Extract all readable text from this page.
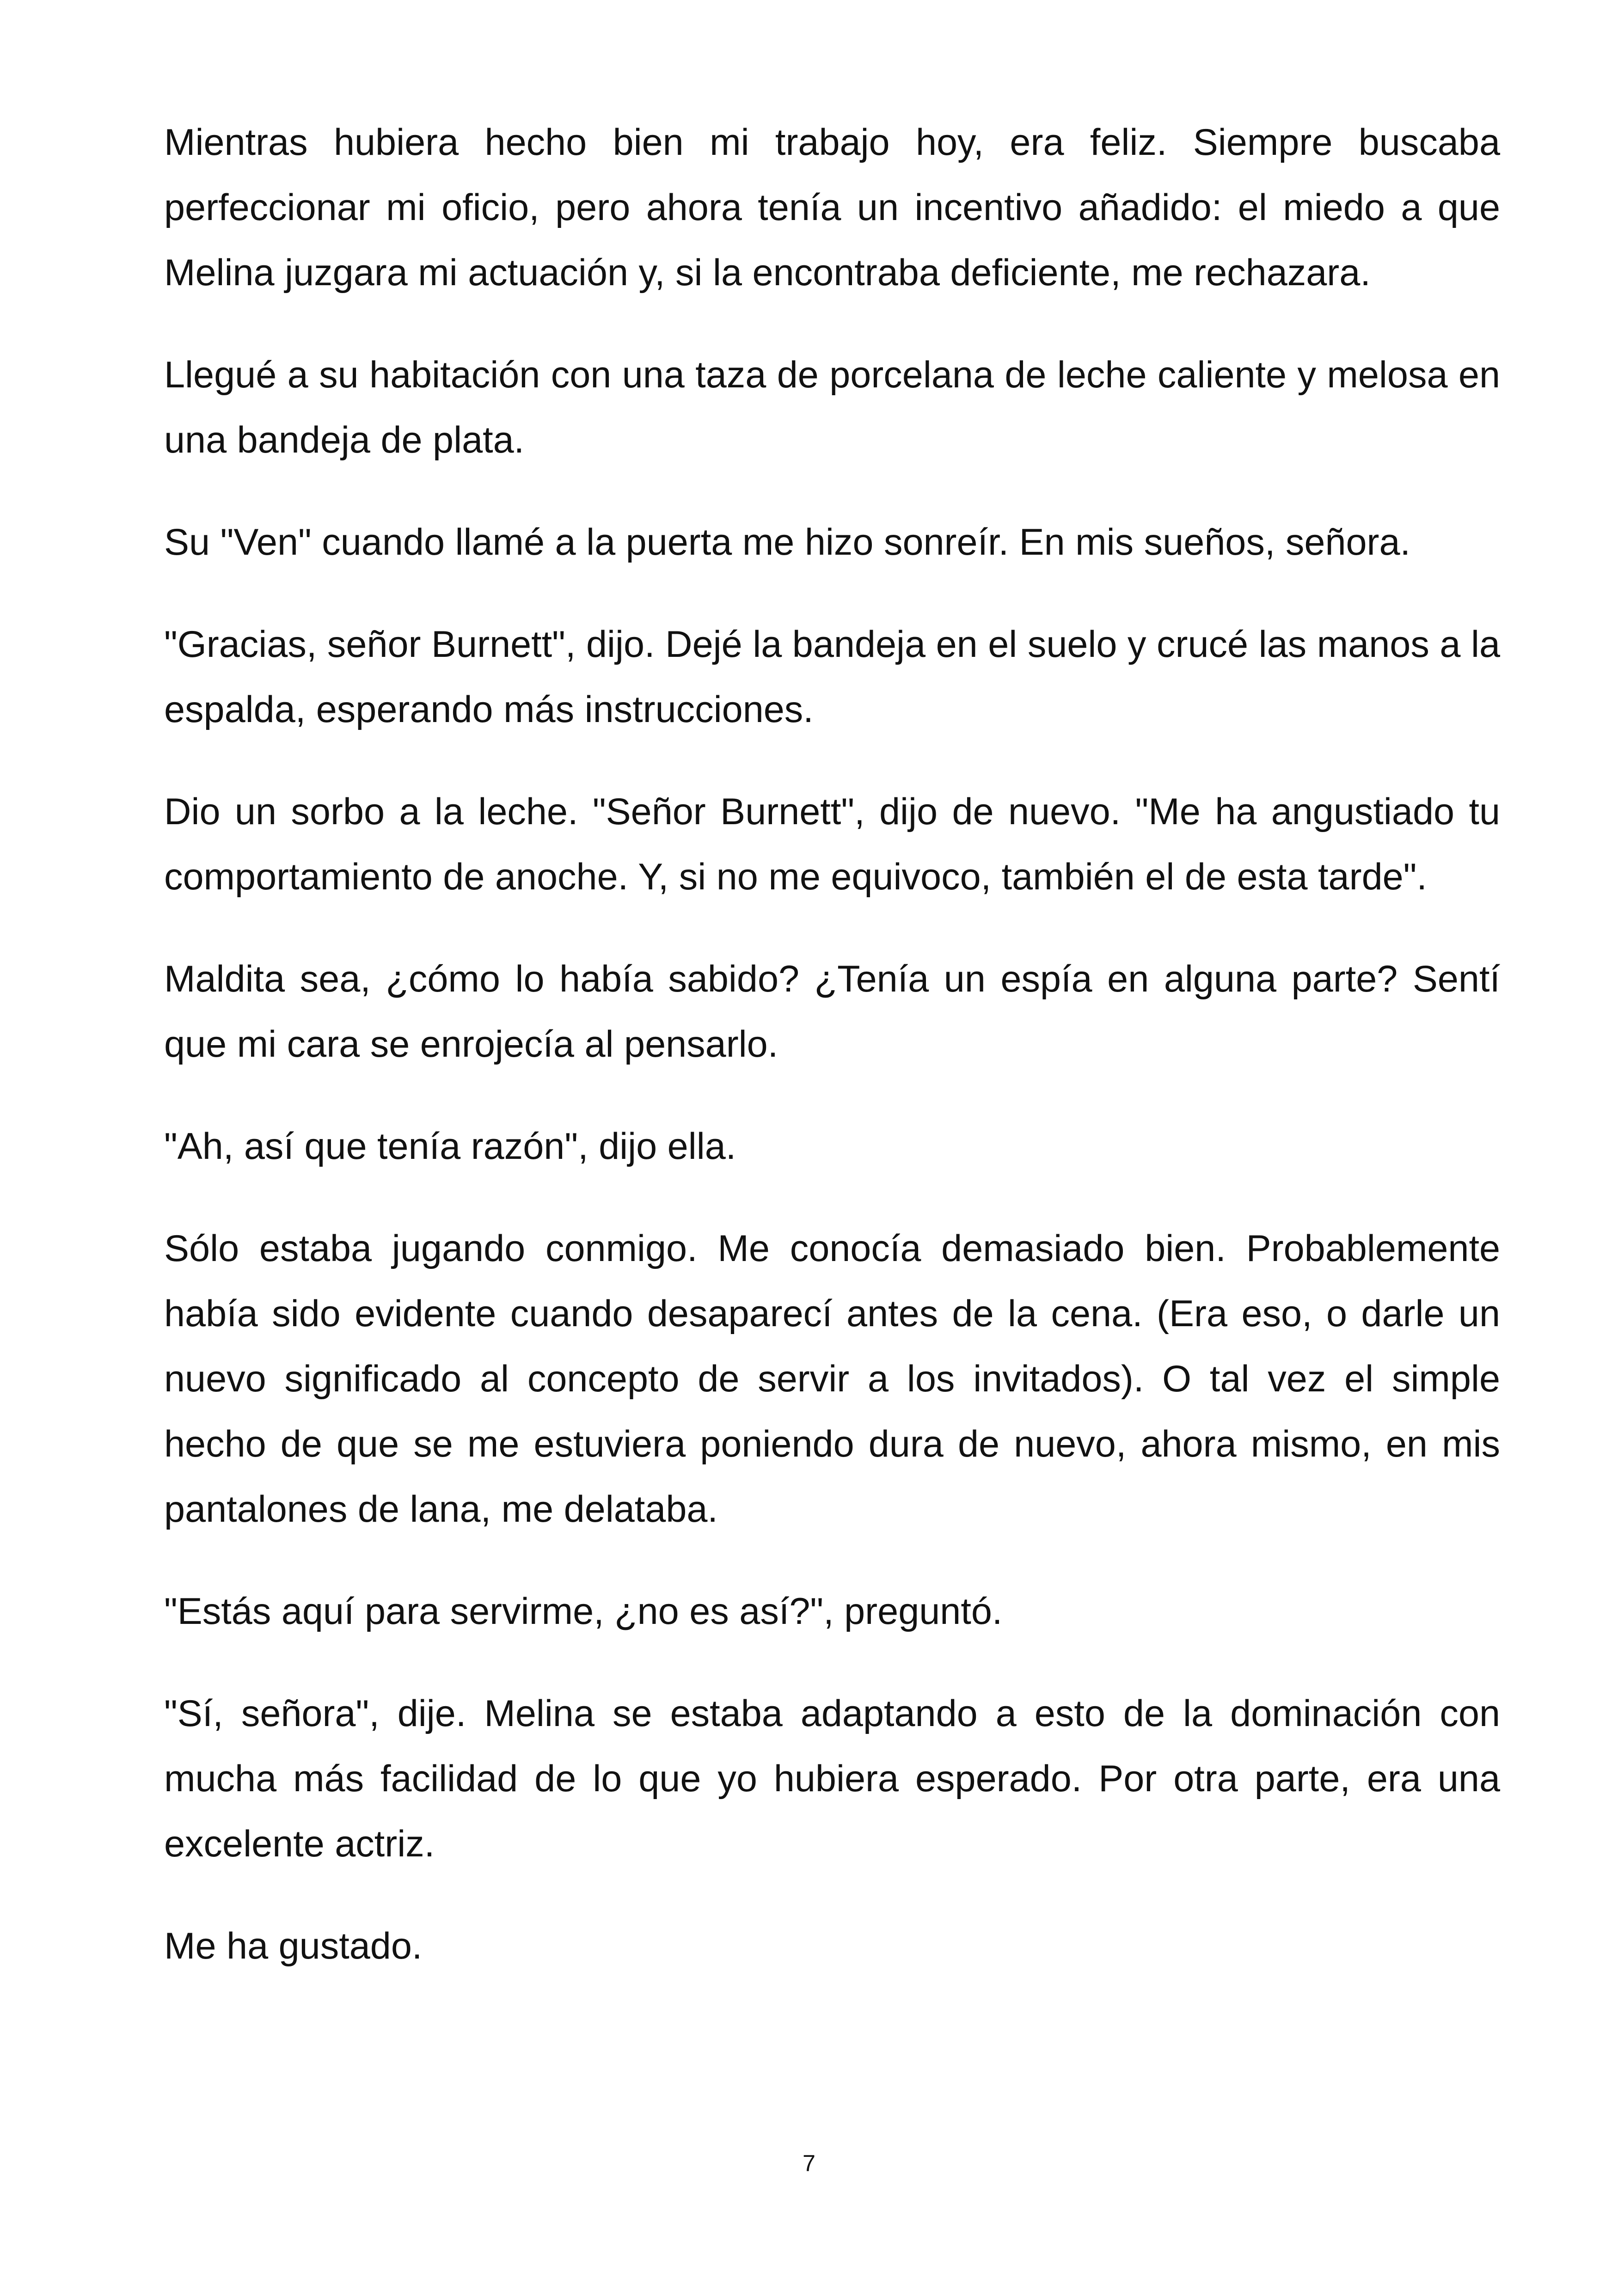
Mientras hubiera hecho bien mi trabajo hoy, era feliz. Siempre buscaba perfeccionar mi oficio, pero ahora tenía un incentivo añadido: el miedo a que Melina juzgara mi actuación y, si la encontraba deficiente, me rechazara.

Llegué a su habitación con una taza de porcelana de leche caliente y melosa en una bandeja de plata.

Su "Ven" cuando llamé a la puerta me hizo sonreír. En mis sueños, señora.

"Gracias, señor Burnett", dijo. Dejé la bandeja en el suelo y crucé las manos a la espalda, esperando más instrucciones.

Dio un sorbo a la leche. "Señor Burnett", dijo de nuevo. "Me ha angustiado tu comportamiento de anoche. Y, si no me equivoco, también el de esta tarde".

Maldita sea, ¿cómo lo había sabido? ¿Tenía un espía en alguna parte? Sentí que mi cara se enrojecía al pensarlo.

"Ah, así que tenía razón", dijo ella.

Sólo estaba jugando conmigo. Me conocía demasiado bien. Probablemente había sido evidente cuando desaparecí antes de la cena. (Era eso, o darle un nuevo significado al concepto de servir a los invitados). O tal vez el simple hecho de que se me estuviera poniendo dura de nuevo, ahora mismo, en mis pantalones de lana, me delataba.

"Estás aquí para servirme, ¿no es así?", preguntó.

"Sí, señora", dije. Melina se estaba adaptando a esto de la dominación con mucha más facilidad de lo que yo hubiera esperado. Por otra parte, era una excelente actriz.

Me ha gustado.

7
